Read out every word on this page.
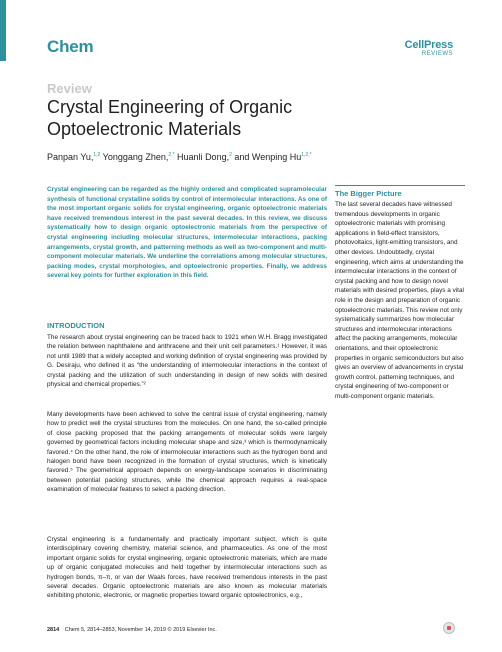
Chem	CellPress
REVIEWS
Review
Crystal Engineering of Organic Optoelectronic Materials
Panpan Yu,$^{1,2}$ Yonggang Zhen,$^{2,*}$ Huanli Dong,$^2$ and Wenping $Hu^{1,2,*}$
Crystal engineering can be regarded as the highly ordered and complicated supramolecular synthesis of functional crystalline solids by control of intermolecular interactions. As one of the most important organic solids for crystal engineering, organic optoelectronic materials have received tremendous interest in the past several decades. In this review, we discuss systematically how to design organic optoelectronic materials from the perspective of crystal engineering including molecular structures, intermolecular interactions, packing arrangements, crystal growth, and patterning methods as well as two-component and multi-component molecular materials. We underline the correlations among molecular structures, packing modes, crystal morphologies, and optoelectronic properties. Finally, we address several key points for further exploration in this field.
INTRODUCTION
The research about crystal engineering can be traced back to 1921 when W.H. Bragg investigated the relation between naphthalene and anthracene and their unit cell parameters.¹ However, it was not until 1989 that a widely accepted and working definition of crystal engineering was provided by G. Desiraju, who defined it as “the understanding of intermolecular interactions in the context of crystal packing and the utilization of such understanding in design of new solids with desired physical and chemical properties.”²
Many developments have been achieved to solve the central issue of crystal engineering, namely how to predict well the crystal structures from the molecules. On one hand, the so-called principle of close packing proposed that the packing arrangements of molecular solids were largely governed by geometrical factors including molecular shape and size,³ which is thermodynamically favored.⁴ On the other hand, the role of intermolecular interactions such as the hydrogen bond and halogen bond have been recognized in the formation of crystal structures, which is kinetically favored.⁵ The geometrical approach depends on energy-landscape scenarios in discriminating between potential packing structures, while the chemical approach requires a real-space examination of molecular features to select a packing direction.
Crystal engineering is a fundamentally and practically important subject, which is quite interdisciplinary covering chemistry, material science, and pharmaceutics. As one of the most important organic solids for crystal engineering, organic optoelectronic materials, which are made up of organic conjugated molecules and held together by intermolecular interactions such as hydrogen bonds, π–π, or van der Waals forces, have received tremendous interests in the past several decades. Organic optoelectronic materials are also known as molecular materials exhibiting photonic, electronic, or magnetic properties toward organic optoelectronics, e.g.,
The Bigger Picture
The last several decades have witnessed tremendous developments in organic optoelectronic materials with promising applications in field-effect transistors, photovoltaics, light-emitting transistors, and other devices. Undoubtedly, crystal engineering, which aims at understanding the intermolecular interactions in the context of crystal packing and how to design novel materials with desired properties, plays a vital role in the design and preparation of organic optoelectronic materials. This review not only systematically summarizes how molecular structures and intermolecular interactions affect the packing arrangements, molecular orientations, and their optoelectronic properties in organic semiconductors but also gives an overview of advancements in crystal growth control, patterning techniques, and crystal engineering of two-component or multi-component organic materials.
2814 Chem 5, 2814–2853, November 14, 2019 © 2019 Elsevier Inc.
